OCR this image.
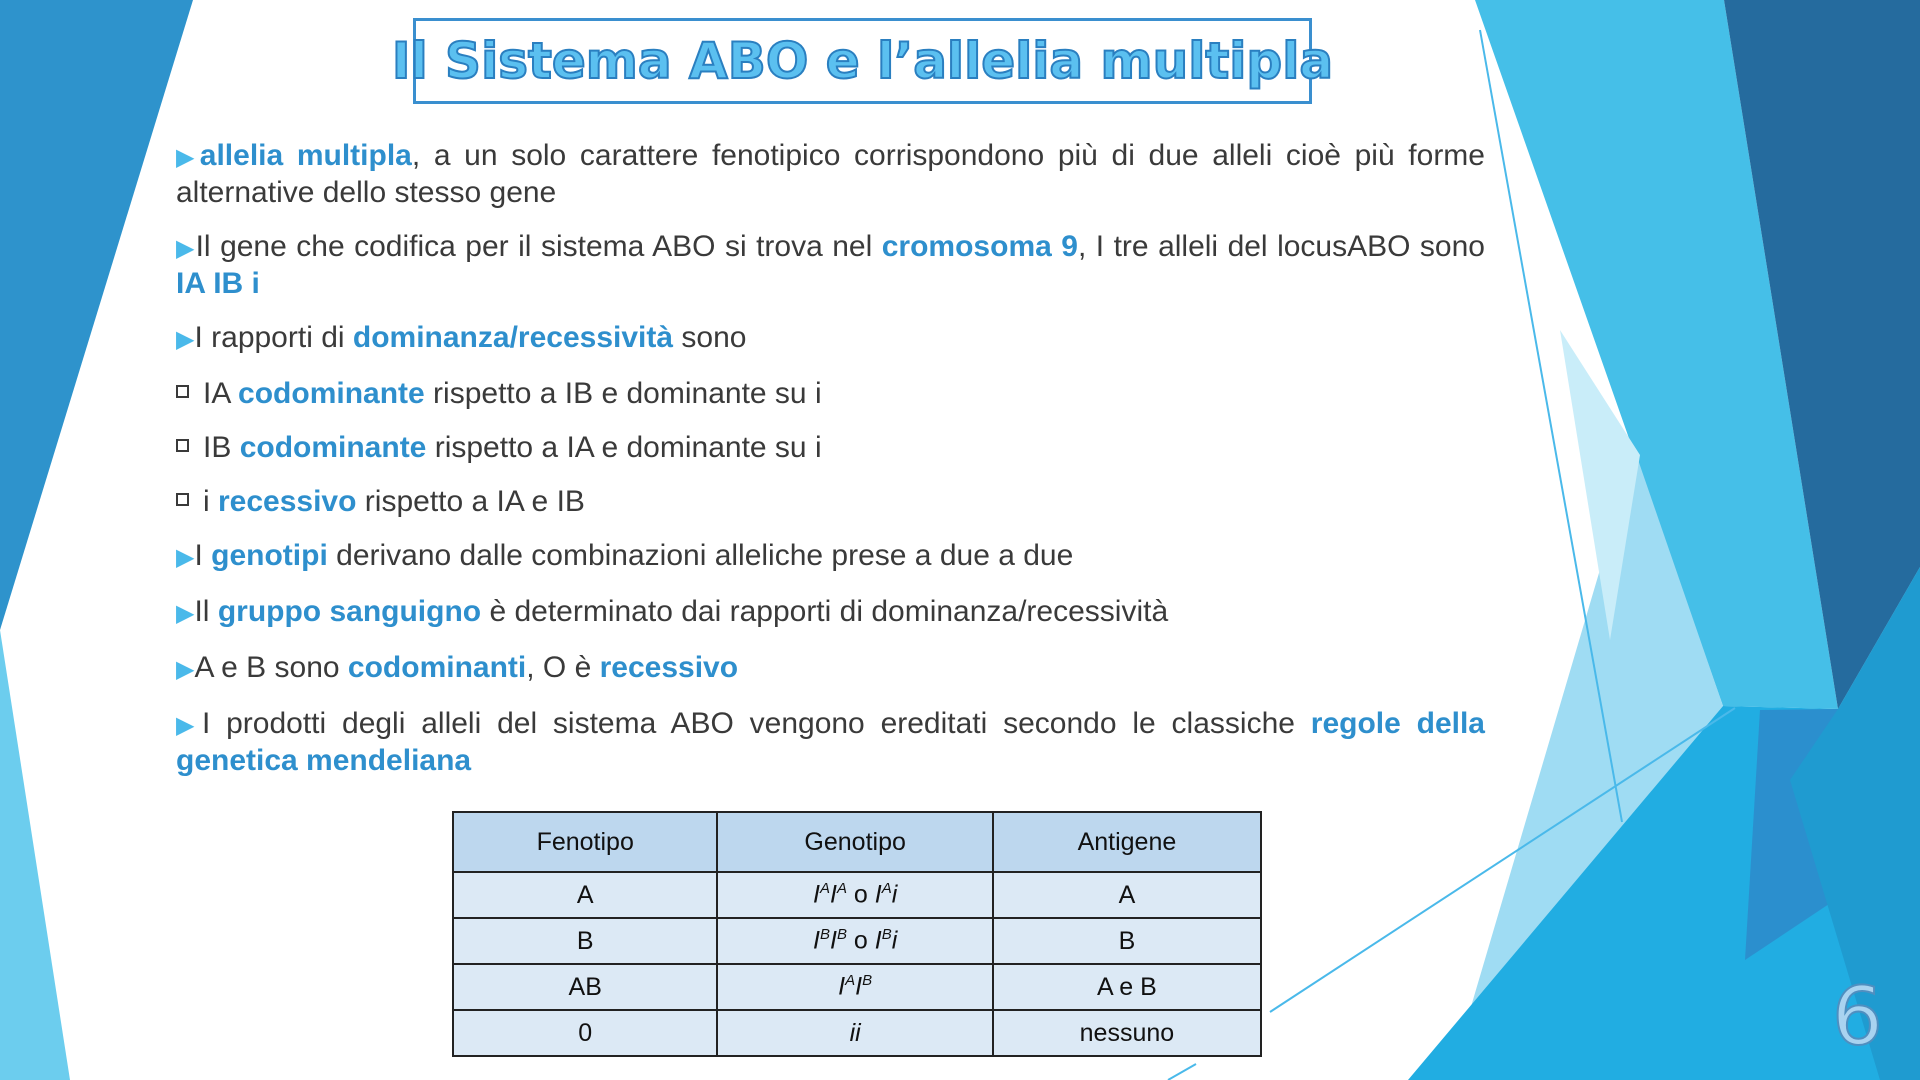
Il Sistema ABO e l’allelia multipla
▶allelia multipla, a un solo carattere fenotipico corrispondono più di due alleli cioè più forme alternative dello stesso gene
▶Il gene che codifica per il sistema ABO si trova nel cromosoma 9, I tre alleli del locusABO sono IA IB i
▶I rapporti di dominanza/recessività sono
IA codominante rispetto a IB e dominante su i
IB codominante rispetto a IA e dominante su i
i recessivo rispetto a IA e IB
▶I genotipi derivano dalle combinazioni alleliche prese a due a due
▶Il gruppo sanguigno è determinato dai rapporti di dominanza/recessività
▶A e B sono codominanti, O è recessivo
▶I prodotti degli alleli del sistema ABO vengono ereditati secondo le classiche regole della genetica mendeliana
Fenotipo	Genotipo	Antigene
A	$I^AI^A$ o $I^Ai$	A
B	$I^BI^B$ o $I^Bi$	B
AB	$I^AI^B$	A e B
0	ii	nessuno	6
